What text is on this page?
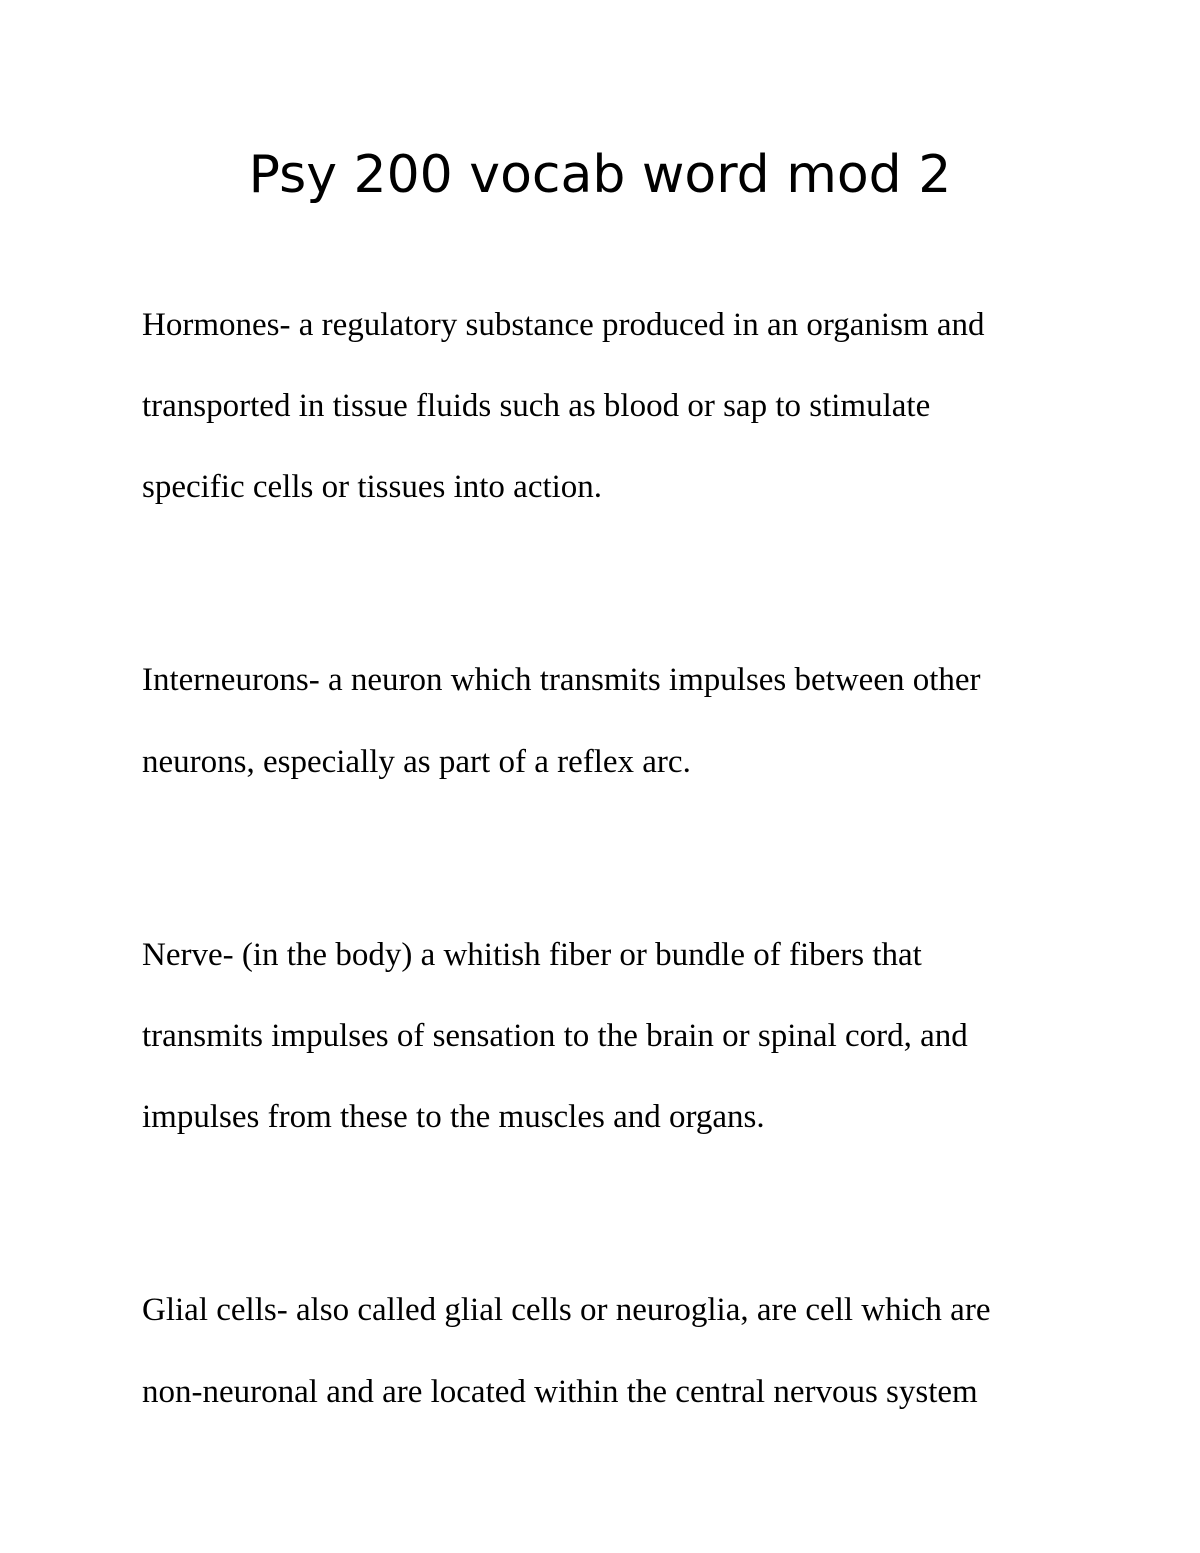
Psy 200 vocab word mod 2

Hormones- a regulatory substance produced in an organism and

transported in tissue fluids such as blood or sap to stimulate

specific cells or tissues into action.

Interneurons- a neuron which transmits impulses between other

neurons, especially as part of a reflex arc.

Nerve- (in the body) a whitish fiber or bundle of fibers that

transmits impulses of sensation to the brain or spinal cord, and

impulses from these to the muscles and organs.

Glial cells- also called glial cells or neuroglia, are cell which are

non-neuronal and are located within the central nervous system
